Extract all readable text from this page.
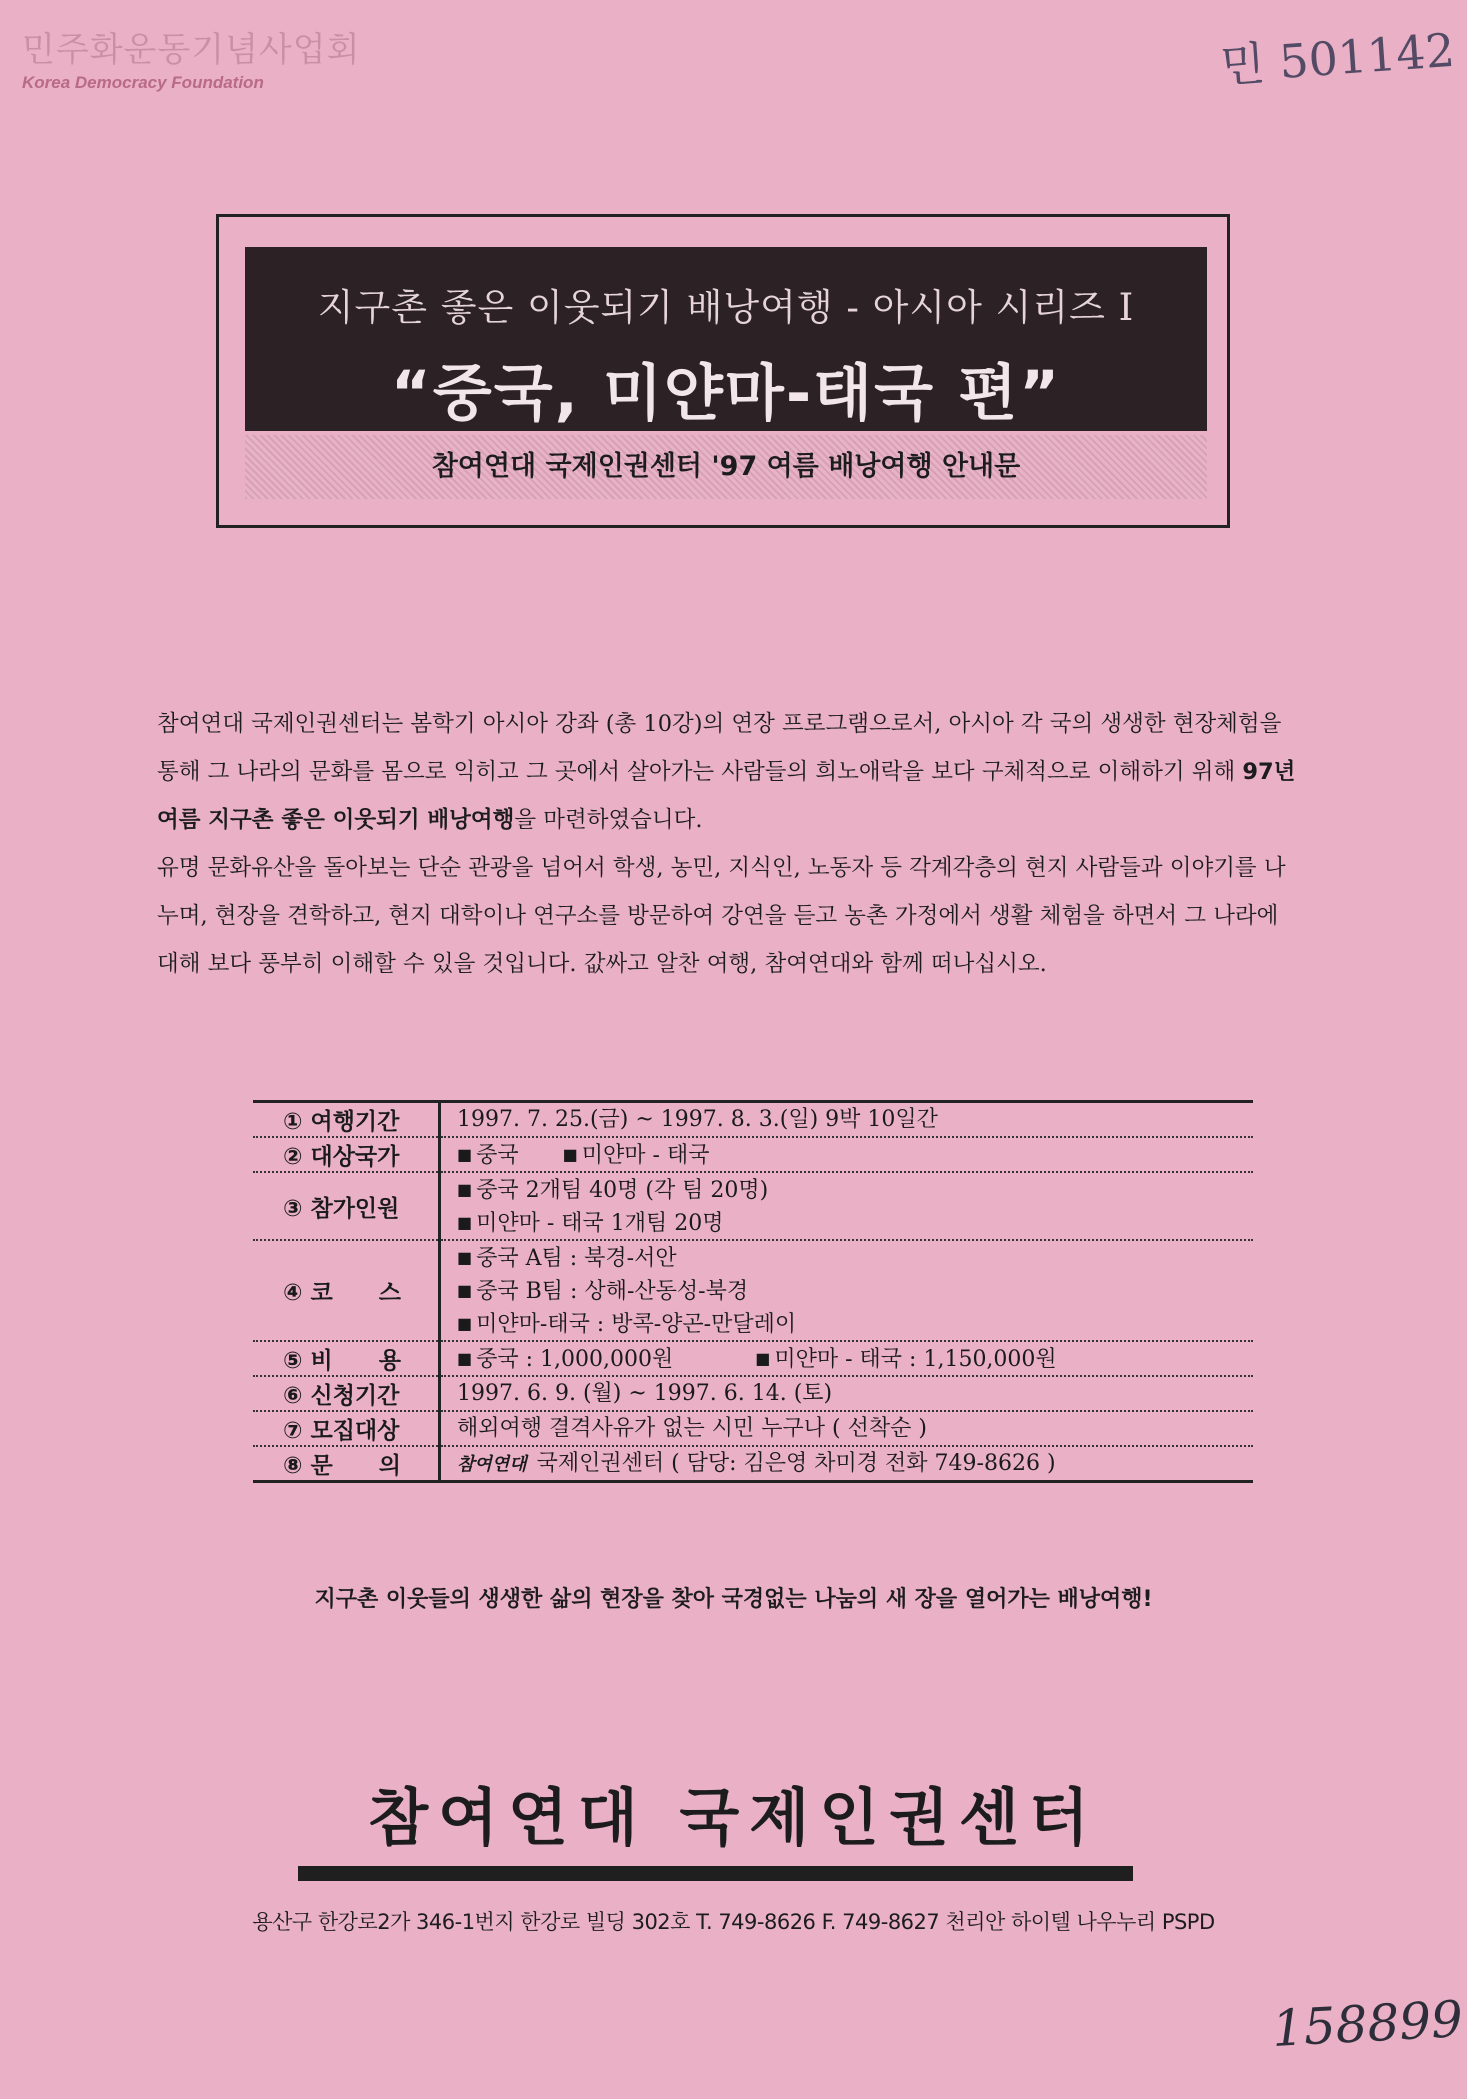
민주화운동기념사업회
Korea Democracy Foundation	민 501142
지구촌 좋은 이웃되기 배낭여행 - 아시아 시리즈 Ⅰ
“중국, 미얀마-태국 편”
참여연대 국제인권센터 '97 여름 배낭여행 안내문

참여연대 국제인권센터는 봄학기 아시아 강좌 (총 10강)의 연장 프로그램으로서, 아시아 각 국의 생생한 현장체험을 통해 그 나라의 문화를 몸으로 익히고 그 곳에서 살아가는 사람들의 희노애락을 보다 구체적으로 이해하기 위해 97년 여름 지구촌 좋은 이웃되기 배낭여행을 마련하였습니다.

유명 문화유산을 돌아보는 단순 관광을 넘어서 학생, 농민, 지식인, 노동자 등 각계각층의 현지 사람들과 이야기를 나누며, 현장을 견학하고, 현지 대학이나 연구소를 방문하여 강연을 듣고 농촌 가정에서 생활 체험을 하면서 그 나라에 대해 보다 풍부히 이해할 수 있을 것입니다. 값싸고 알찬 여행, 참여연대와 함께 떠나십시오.

① 여행기간	1997. 7. 25.(금) ~ 1997. 8. 3.(일) 9박 10일간

② 대상국가	■ 중국 ■ 미얀마 - 태국

③ 참가인원	■ 중국 2개팀 40명 (각 팀 20명)
■ 미얀마 - 태국 1개팀 20명

④ 코　　스	■ 중국 A팀 : 북경-서안
■ 중국 B팀 : 상해-산동성-북경
■ 미얀마-태국 : 방콕-양곤-만달레이

⑤ 비　　용	■ 중국 : 1,000,000원 ■ 미얀마 - 태국 : 1,150,000원

⑥ 신청기간	1997. 6. 9. (월) ~ 1997. 6. 14. (토)

⑦ 모집대상	해외여행 결격사유가 없는 시민 누구나 ( 선착순 )

⑧ 문　　의	참여연대 국제인권센터 ( 담당: 김은영 차미경 전화 749-8626 )
지구촌 이웃들의 생생한 삶의 현장을 찾아 국경없는 나눔의 새 장을 열어가는 배낭여행!
참여연대 국제인권센터
용산구 한강로2가 346-1번지 한강로 빌딩 302호 T. 749-8626 F. 749-8627 천리안 하이텔 나우누리 PSPD
158899
